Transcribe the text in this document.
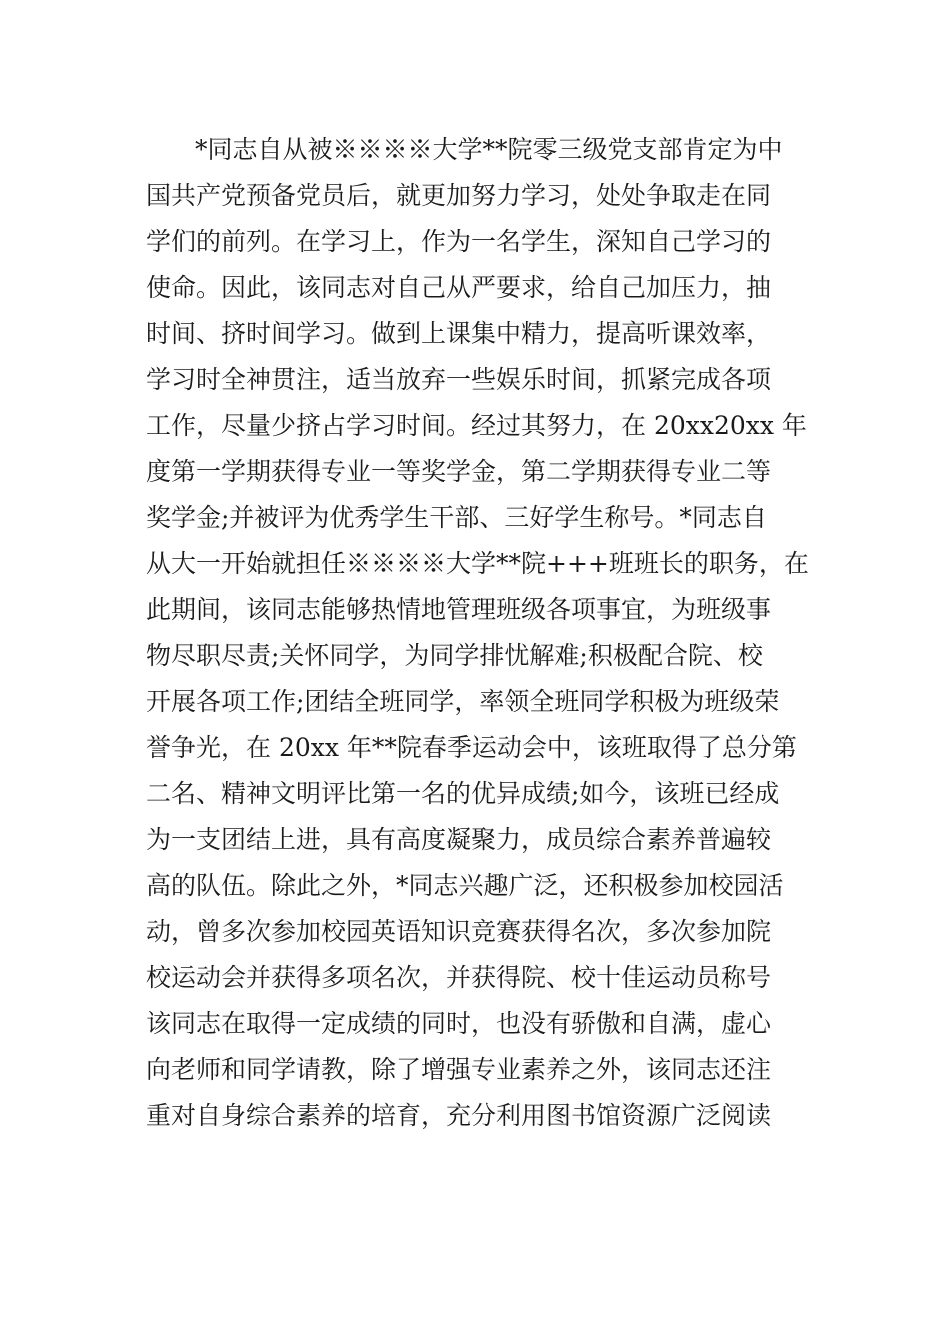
*同志自从被※※※※大学**院零三级党支部肯定为中
国共产党预备党员后，就更加努力学习，处处争取走在同
学们的前列。在学习上，作为一名学生，深知自己学习的
使命。因此，该同志对自己从严要求，给自己加压力，抽
时间、挤时间学习。做到上课集中精力，提高听课效率，
学习时全神贯注，适当放弃一些娱乐时间，抓紧完成各项
工作，尽量少挤占学习时间。经过其努力，在 20xx20xx 年
度第一学期获得专业一等奖学金，第二学期获得专业二等
奖学金;并被评为优秀学生干部、三好学生称号。*同志自
从大一开始就担任※※※※大学**院+++班班长的职务，在
此期间，该同志能够热情地管理班级各项事宜，为班级事
物尽职尽责;关怀同学，为同学排忧解难;积极配合院、校
开展各项工作;团结全班同学，率领全班同学积极为班级荣
誉争光，在 20xx 年**院春季运动会中，该班取得了总分第
二名、精神文明评比第一名的优异成绩;如今，该班已经成
为一支团结上进，具有高度凝聚力，成员综合素养普遍较
高的队伍。除此之外，*同志兴趣广泛，还积极参加校园活
动，曾多次参加校园英语知识竞赛获得名次，多次参加院
校运动会并获得多项名次，并获得院、校十佳运动员称号
该同志在取得一定成绩的同时，也没有骄傲和自满，虚心
向老师和同学请教，除了增强专业素养之外，该同志还注
重对自身综合素养的培育，充分利用图书馆资源广泛阅读
